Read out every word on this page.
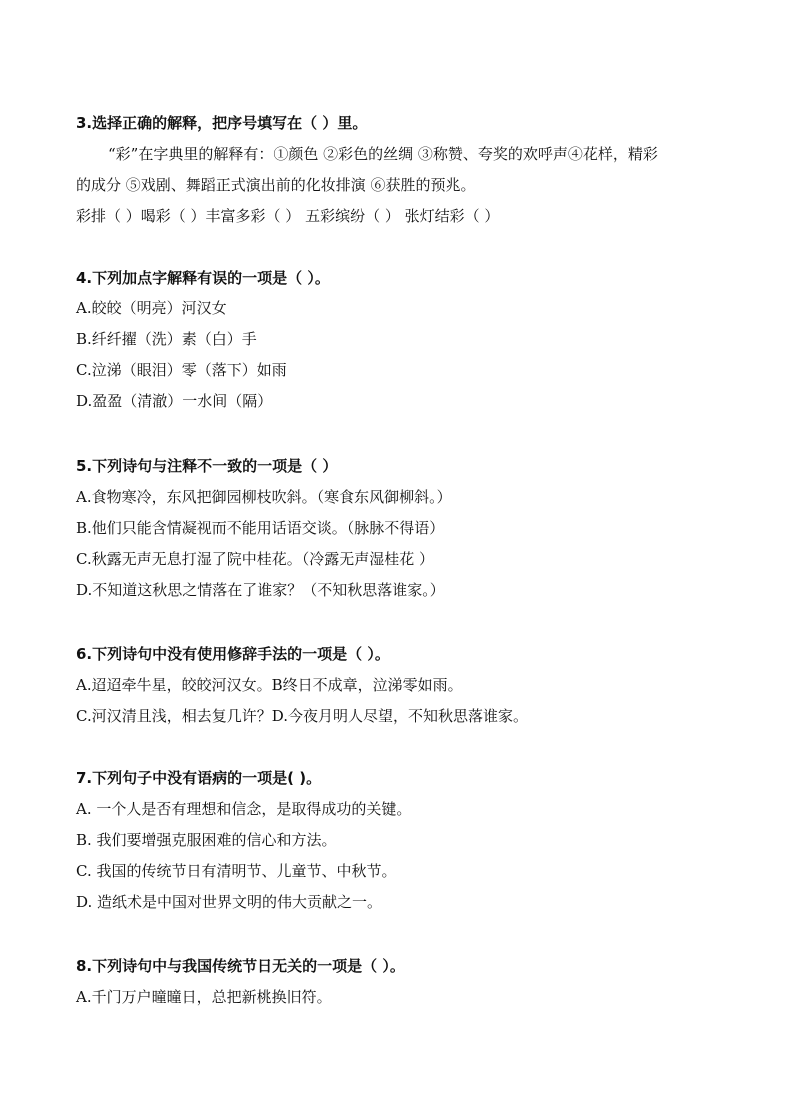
3.选择正确的解释，把序号填写在（ ）里。
“彩”在字典里的解释有：①颜色 ②彩色的丝绸 ③称赞、夸奖的欢呼声④花样，精彩
的成分 ⑤戏剧、舞蹈正式演出前的化妆排演 ⑥获胜的预兆。
彩排（ ）喝彩（ ）丰富多彩（ ） 五彩缤纷（ ） 张灯结彩（ ）
4.下列加点字解释有误的一项是（ ）。
A.皎皎（明亮）河汉女
B.纤纤擢（洗）素（白）手
C.泣涕（眼泪）零（落下）如雨
D.盈盈（清澈）一水间（隔）
5.下列诗句与注释不一致的一项是（ ）
A.食物寒冷，东风把御园柳枝吹斜。（寒食东风御柳斜。）
B.他们只能含情凝视而不能用话语交谈。（脉脉不得语）
C.秋露无声无息打湿了院中桂花。（冷露无声湿桂花 ）
D.不知道这秋思之情落在了谁家？（不知秋思落谁家。）
6.下列诗句中没有使用修辞手法的一项是（ ）。
A.迢迢牵牛星，皎皎河汉女。B终日不成章，泣涕零如雨。
C.河汉清且浅，相去复几许？D.今夜月明人尽望，不知秋思落谁家。
7.下列句子中没有语病的一项是( )。
A. 一个人是否有理想和信念，是取得成功的关键。
B. 我们要增强克服困难的信心和方法。
C. 我国的传统节日有清明节、儿童节、中秋节。
D. 造纸术是中国对世界文明的伟大贡献之一。
8.下列诗句中与我国传统节日无关的一项是（ ）。
A.千门万户曈曈日，总把新桃换旧符。
